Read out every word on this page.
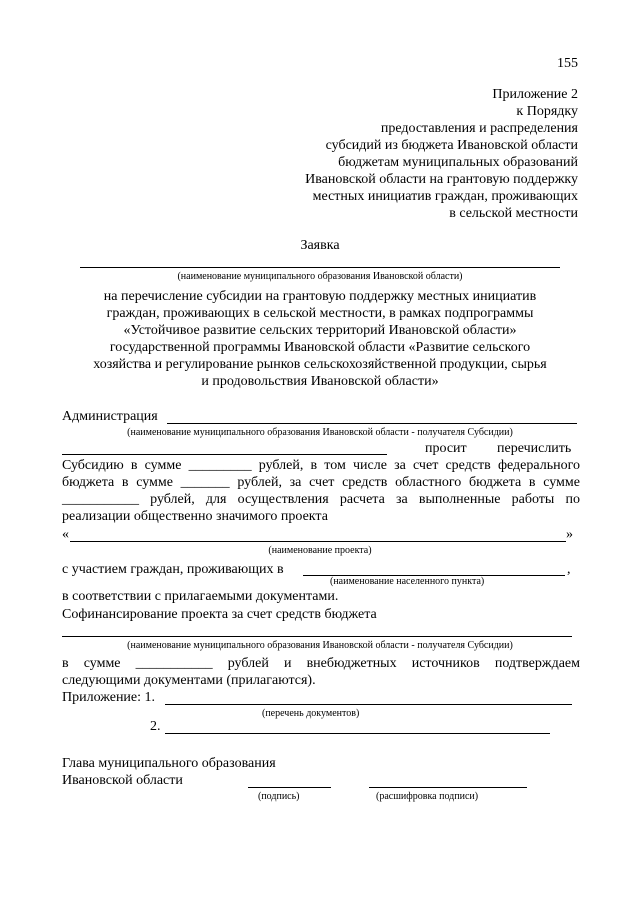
155
Приложение 2
к Порядку
предоставления и распределения
субсидий из бюджета Ивановской области
бюджетам муниципальных образований
Ивановской области на грантовую поддержку
местных инициатив граждан, проживающих
в сельской местности
Заявка
(наименование муниципального образования Ивановской области)
на перечисление субсидии на грантовую поддержку местных инициатив
граждан, проживающих в сельской местности, в рамках подпрограммы
«Устойчивое развитие сельских территорий Ивановской области»
государственной программы Ивановской области «Развитие сельского
хозяйства и регулирование рынков сельскохозяйственной продукции, сырья
и продовольствия Ивановской области»
Администрация
(наименование муниципального образования Ивановской области - получателя Субсидии)
просит перечислить
Субсидию в сумме _________ рублей, в том числе за счет средств федерального
бюджета в сумме _______ рублей, за счет средств областного бюджета в сумме
___________ рублей, для осуществления расчета за выполненные работы по
реализации общественно значимого проекта
«	»
(наименование проекта)
с участием граждан, проживающих в	,
(наименование населенного пункта)
в соответствии с прилагаемыми документами.
Софинансирование проекта за счет средств бюджета
(наименование муниципального образования Ивановской области - получателя Субсидии)
в сумме ___________ рублей и внебюджетных источников подтверждаем
следующими документами (прилагаются).
Приложение: 1.
(перечень документов)
2.
Глава муниципального образования
Ивановской области
(подпись)	(расшифровка подписи)
